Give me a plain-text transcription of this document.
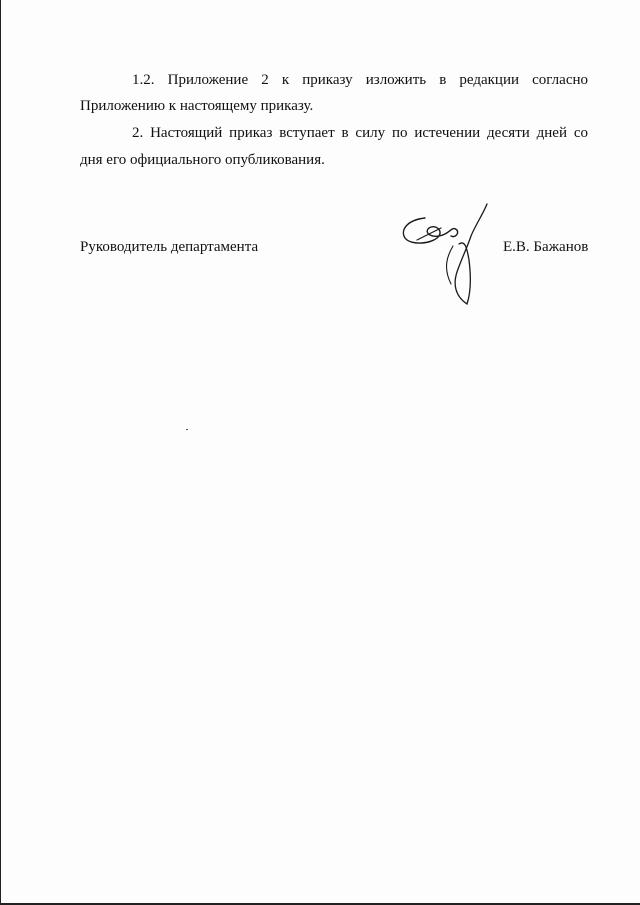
1.2. Приложение 2 к приказу изложить в редакции согласно
Приложению к настоящему приказу.
2. Настоящий приказ вступает в силу по истечении десяти дней со
дня его официального опубликования.
Руководитель департамента	Е.В. Бажанов
